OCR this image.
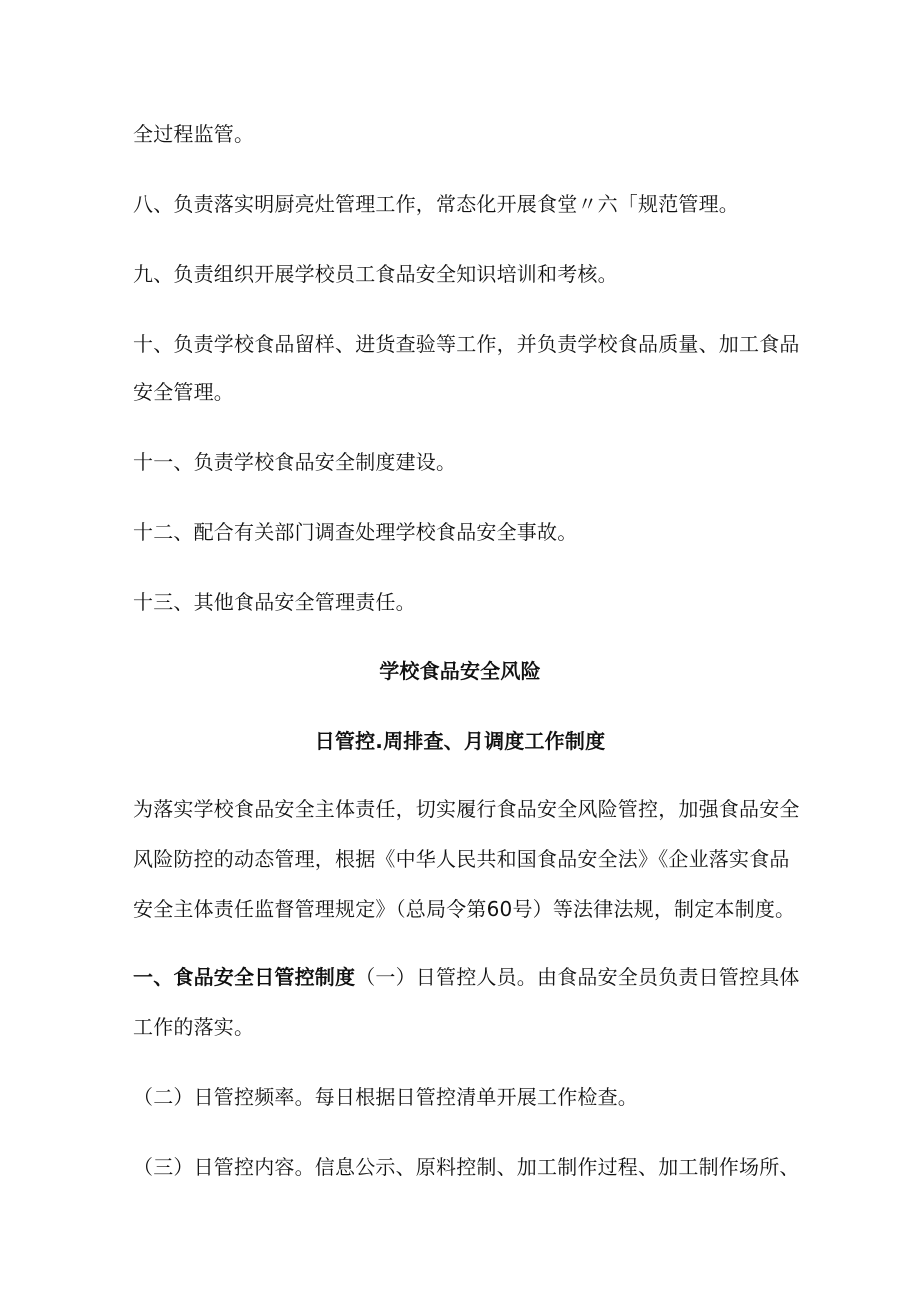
全过程监管。
八、负责落实明厨亮灶管理工作，常态化开展食堂〃六「规范管理。
九、负责组织开展学校员工食品安全知识培训和考核。
十、负责学校食品留样、进货查验等工作，并负责学校食品质量、加工食品
安全管理。
十一、负责学校食品安全制度建设。
十二、配合有关部门调查处理学校食品安全事故。
十三、其他食品安全管理责任。
学校食品安全风险
日管控.周排查、月调度工作制度
为落实学校食品安全主体责任，切实履行食品安全风险管控，加强食品安全
风险防控的动态管理，根据《中华人民共和国食品安全法》《企业落实食品
安全主体责任监督管理规定》（总局令第60号）等法律法规，制定本制度。
一、食品安全日管控制度（一）日管控人员。由食品安全员负责日管控具体
工作的落实。
（二）日管控频率。每日根据日管控清单开展工作检查。
（三）日管控内容。信息公示、原料控制、加工制作过程、加工制作场所、
